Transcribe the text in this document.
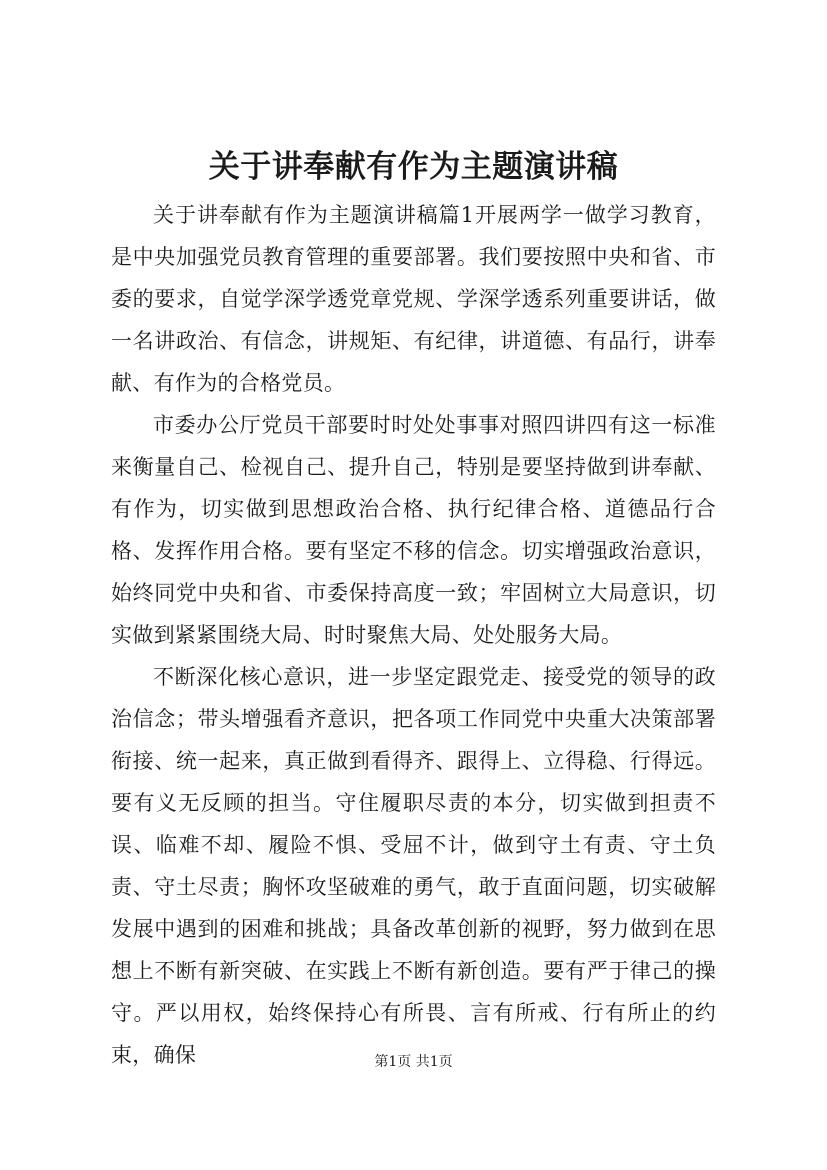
关于讲奉献有作为主题演讲稿

关于讲奉献有作为主题演讲稿篇1开展两学一做学习教育，是中央加强党员教育管理的重要部署。我们要按照中央和省、市委的要求，自觉学深学透党章党规、学深学透系列重要讲话，做一名讲政治、有信念，讲规矩、有纪律，讲道德、有品行，讲奉献、有作为的合格党员。

市委办公厅党员干部要时时处处事事对照四讲四有这一标准来衡量自己、检视自己、提升自己，特别是要坚持做到讲奉献、有作为，切实做到思想政治合格、执行纪律合格、道德品行合格、发挥作用合格。要有坚定不移的信念。切实增强政治意识，始终同党中央和省、市委保持高度一致；牢固树立大局意识，切实做到紧紧围绕大局、时时聚焦大局、处处服务大局。

不断深化核心意识，进一步坚定跟党走、接受党的领导的政治信念；带头增强看齐意识，把各项工作同党中央重大决策部署衔接、统一起来，真正做到看得齐、跟得上、立得稳、行得远。要有义无反顾的担当。守住履职尽责的本分，切实做到担责不误、临难不却、履险不惧、受屈不计，做到守土有责、守土负责、守土尽责；胸怀攻坚破难的勇气，敢于直面问题，切实破解发展中遇到的困难和挑战；具备改革创新的视野，努力做到在思想上不断有新突破、在实践上不断有新创造。要有严于律己的操守。严以用权，始终保持心有所畏、言有所戒、行有所止的约束，确保	第1页 共1页
